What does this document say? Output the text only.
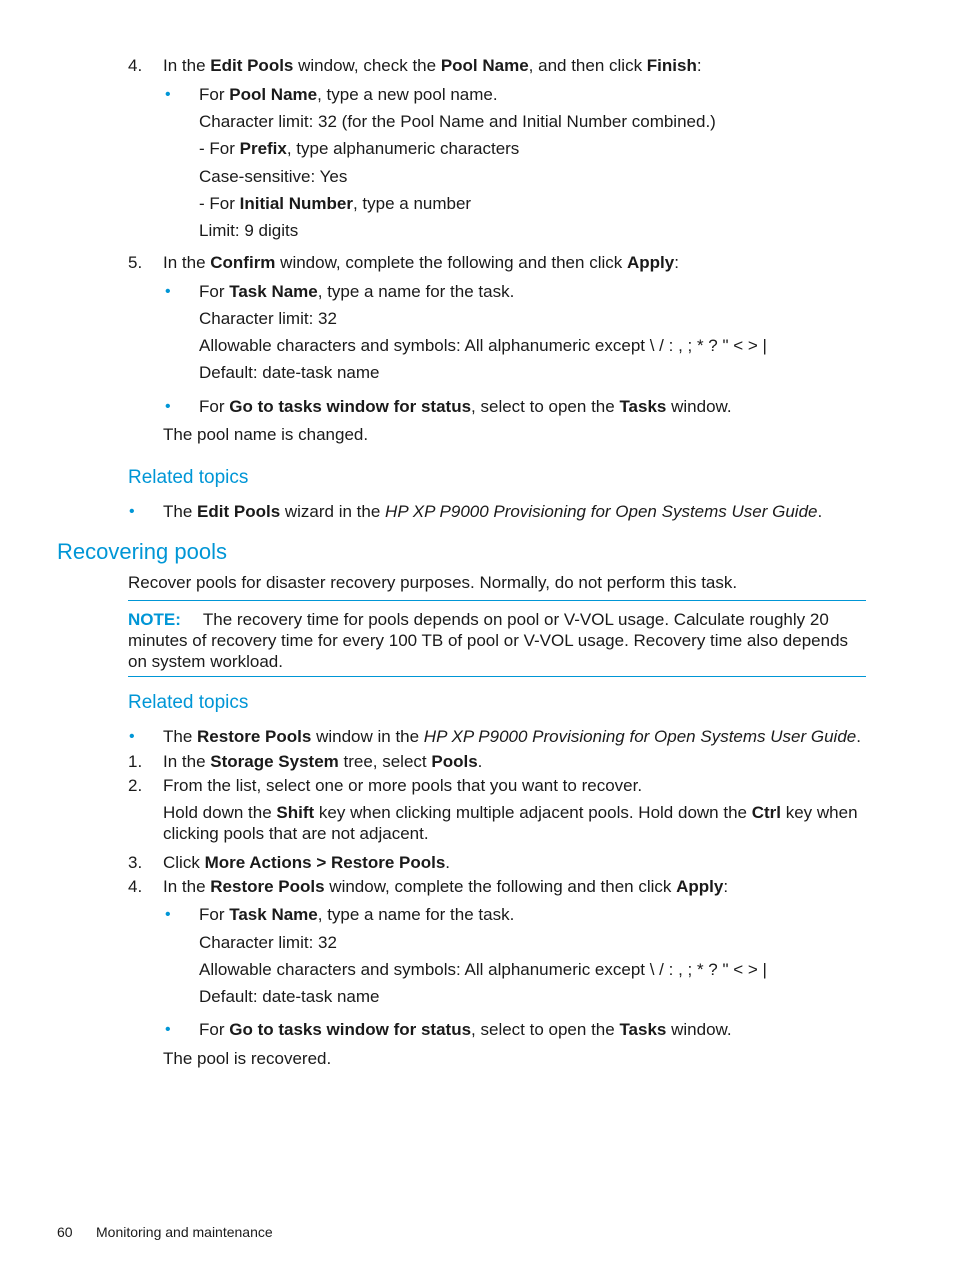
4. In the Edit Pools window, check the Pool Name, and then click Finish:
• For Pool Name, type a new pool name.
Character limit: 32 (for the Pool Name and Initial Number combined.)
- For Prefix, type alphanumeric characters
Case-sensitive: Yes
- For Initial Number, type a number
Limit: 9 digits
5. In the Confirm window, complete the following and then click Apply:
• For Task Name, type a name for the task.
Character limit: 32
Allowable characters and symbols: All alphanumeric except \ / : , ; * ? " < > |
Default: date-task name
• For Go to tasks window for status, select to open the Tasks window.
The pool name is changed.
Related topics
• The Edit Pools wizard in the HP XP P9000 Provisioning for Open Systems User Guide.
Recovering pools
Recover pools for disaster recovery purposes. Normally, do not perform this task.
NOTE: The recovery time for pools depends on pool or V-VOL usage. Calculate roughly 20 minutes of recovery time for every 100 TB of pool or V-VOL usage. Recovery time also depends on system workload.
Related topics
• The Restore Pools window in the HP XP P9000 Provisioning for Open Systems User Guide.
1. In the Storage System tree, select Pools.
2. From the list, select one or more pools that you want to recover.
Hold down the Shift key when clicking multiple adjacent pools. Hold down the Ctrl key when clicking pools that are not adjacent.
3. Click More Actions > Restore Pools.
4. In the Restore Pools window, complete the following and then click Apply:
• For Task Name, type a name for the task.
Character limit: 32
Allowable characters and symbols: All alphanumeric except \ / : , ; * ? " < > |
Default: date-task name
• For Go to tasks window for status, select to open the Tasks window.
The pool is recovered.
60 Monitoring and maintenance
